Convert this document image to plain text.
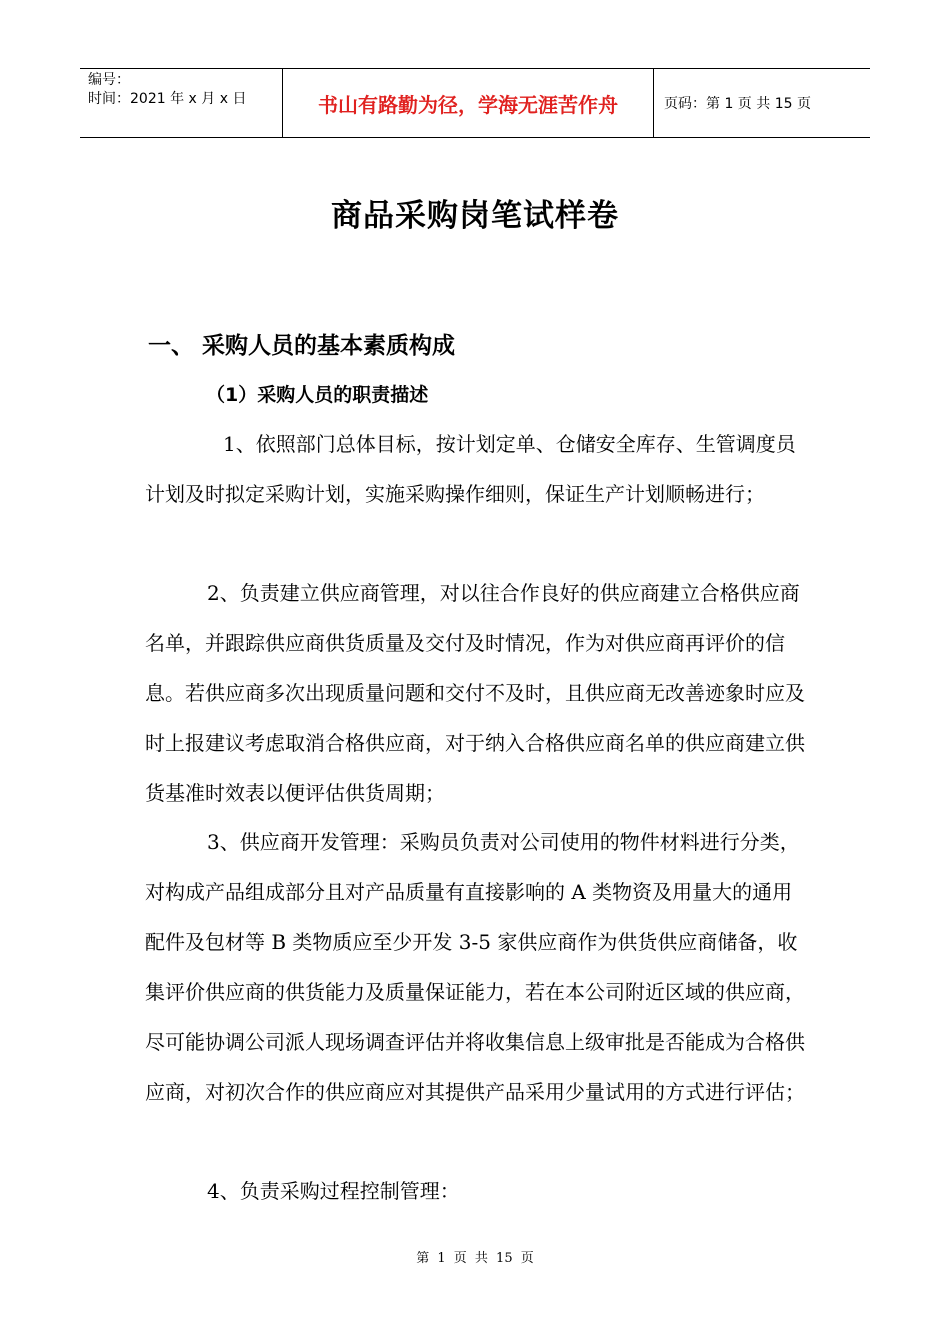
编号：
时间：2021 年 x 月 x 日	书山有路勤为径，学海无涯苦作舟	页码：第 1 页 共 15 页
商品采购岗笔试样卷
一、 采购人员的基本素质构成
（1）采购人员的职责描述

1、依照部门总体目标，按计划定单、仓储安全库存、生管调度员计划及时拟定采购计划，实施采购操作细则，保证生产计划顺畅进行；

2、负责建立供应商管理，对以往合作良好的供应商建立合格供应商名单，并跟踪供应商供货质量及交付及时情况，作为对供应商再评价的信息。若供应商多次出现质量问题和交付不及时，且供应商无改善迹象时应及时上报建议考虑取消合格供应商，对于纳入合格供应商名单的供应商建立供货基准时效表以便评估供货周期；

3、供应商开发管理：采购员负责对公司使用的物件材料进行分类，对构成产品组成部分且对产品质量有直接影响的 A 类物资及用量大的通用配件及包材等 B 类物质应至少开发 3-5 家供应商作为供货供应商储备，收集评价供应商的供货能力及质量保证能力，若在本公司附近区域的供应商，尽可能协调公司派人现场调查评估并将收集信息上级审批是否能成为合格供应商，对初次合作的供应商应对其提供产品采用少量试用的方式进行评估；

4、负责采购过程控制管理：

第 1 页 共 15 页
